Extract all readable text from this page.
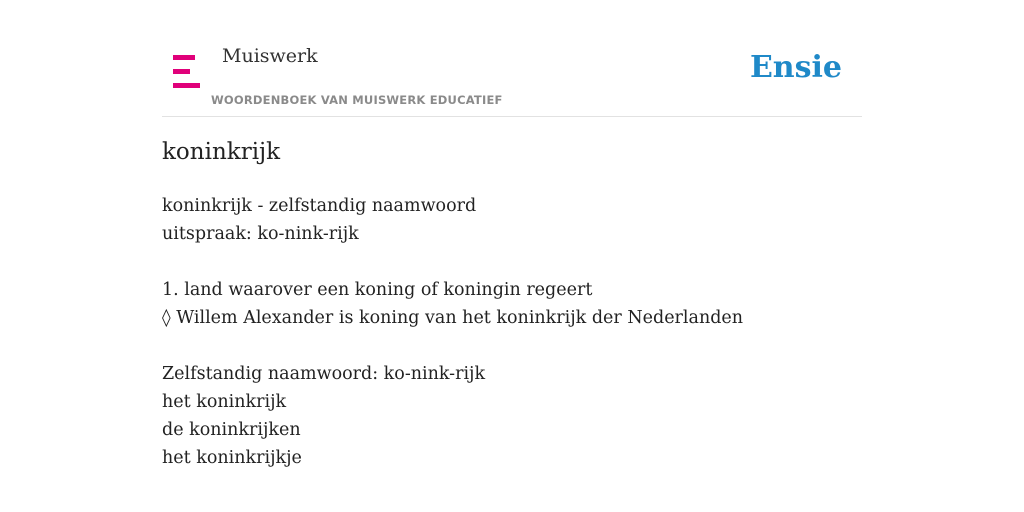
Muiswerk
WOORDENBOEK VAN MUISWERK EDUCATIEF
Ensie
koninkrijk
koninkrijk - zelfstandig naamwoord
uitspraak: ko-nink-rijk
1. land waarover een koning of koningin regeert
◊ Willem Alexander is koning van het koninkrijk der Nederlanden
Zelfstandig naamwoord: ko-nink-rijk
het koninkrijk
de koninkrijken
het koninkrijkje
